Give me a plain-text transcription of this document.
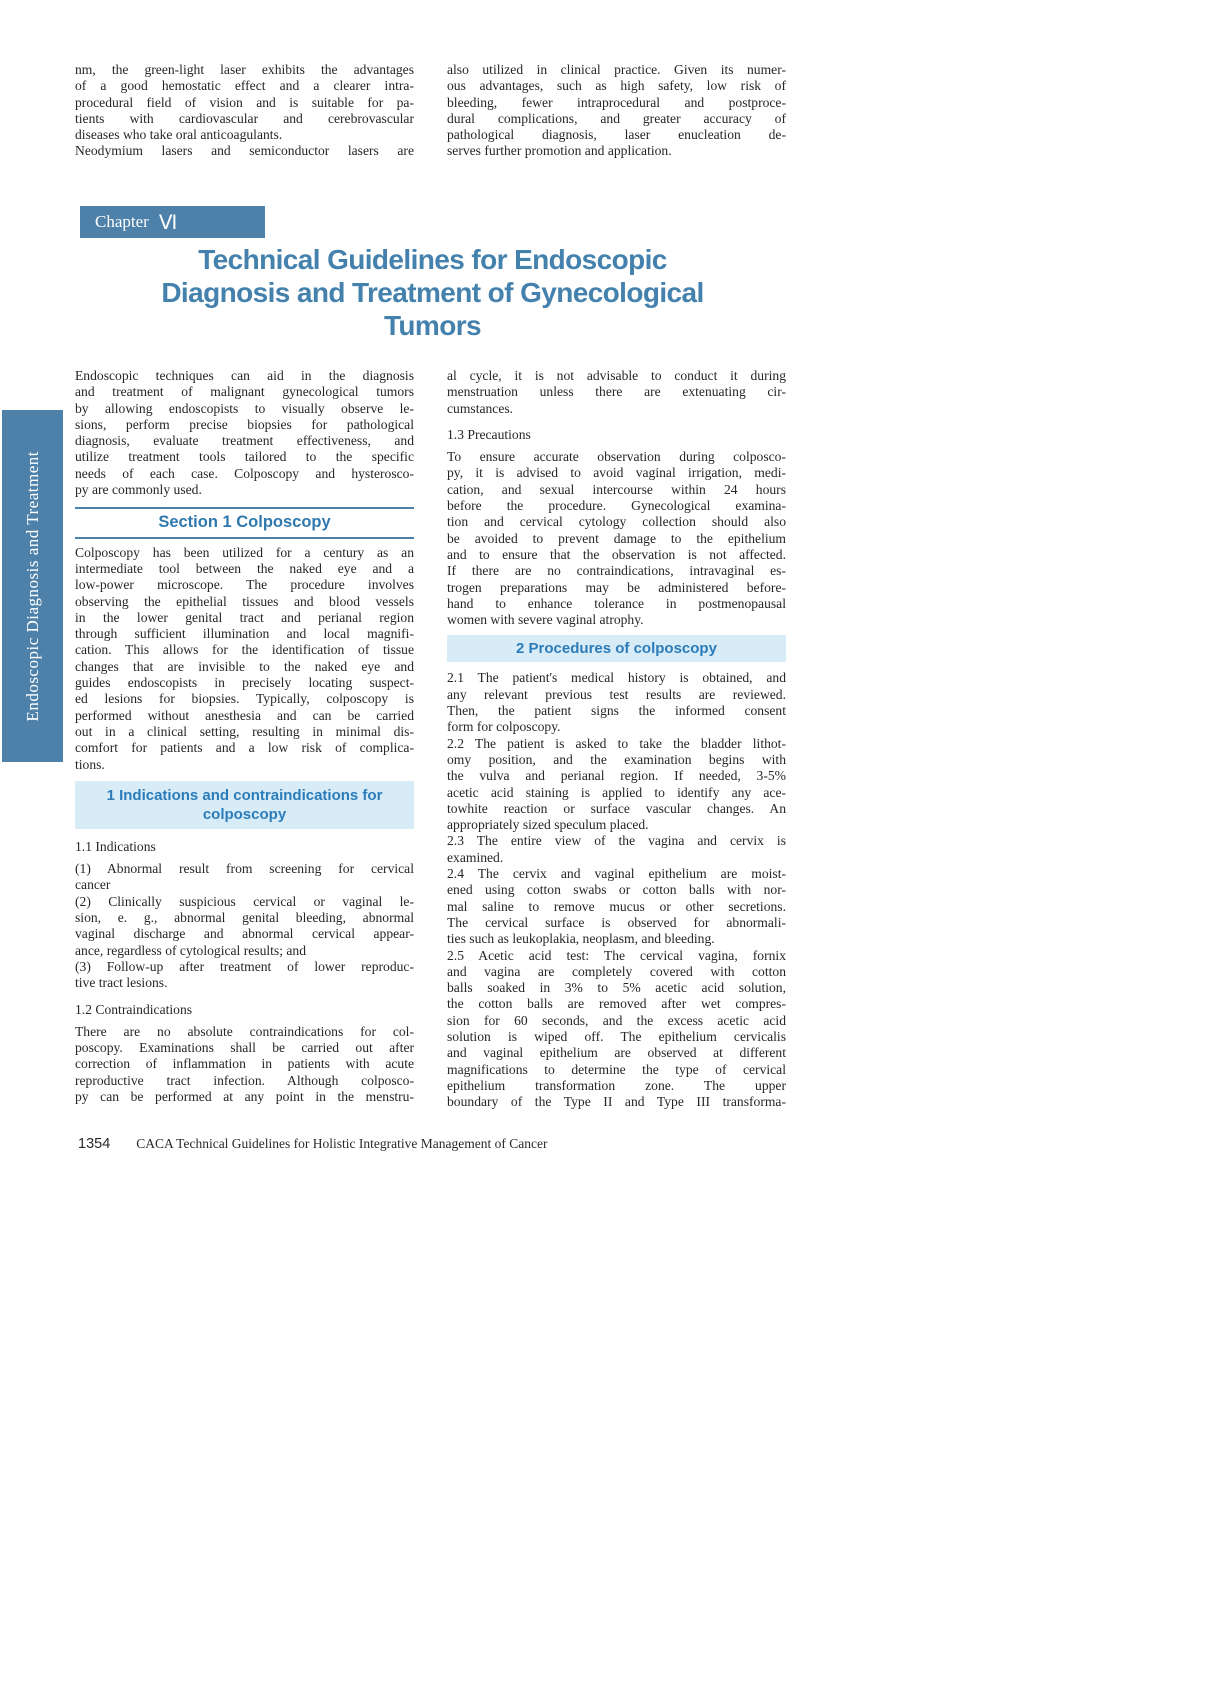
Endoscopic Diagnosis and Treatment
nm, the green-light laser exhibits the advantages
of a good hemostatic effect and a clearer intra-
procedural field of vision and is suitable for pa-
tients with cardiovascular and cerebrovascular
diseases who take oral anticoagulants.
Neodymium lasers and semiconductor lasers are
also utilized in clinical practice. Given its numer-
ous advantages, such as high safety, low risk of
bleeding, fewer intraprocedural and postproce-
dural complications, and greater accuracy of
pathological diagnosis, laser enucleation de-
serves further promotion and application.
Chapter Ⅵ
Technical Guidelines for Endoscopic
Diagnosis and Treatment of Gynecological
Tumors
Endoscopic techniques can aid in the diagnosis
and treatment of malignant gynecological tumors
by allowing endoscopists to visually observe le-
sions, perform precise biopsies for pathological
diagnosis, evaluate treatment effectiveness, and
utilize treatment tools tailored to the specific
needs of each case. Colposcopy and hysterosco-
py are commonly used.
Section 1 Colposcopy
Colposcopy has been utilized for a century as an
intermediate tool between the naked eye and a
low-power microscope. The procedure involves
observing the epithelial tissues and blood vessels
in the lower genital tract and perianal region
through sufficient illumination and local magnifi-
cation. This allows for the identification of tissue
changes that are invisible to the naked eye and
guides endoscopists in precisely locating suspect-
ed lesions for biopsies. Typically, colposcopy is
performed without anesthesia and can be carried
out in a clinical setting, resulting in minimal dis-
comfort for patients and a low risk of complica-
tions.
1 Indications and contraindications for
colposcopy
1.1 Indications
(1) Abnormal result from screening for cervical
cancer
(2) Clinically suspicious cervical or vaginal le-
sion, e. g., abnormal genital bleeding, abnormal
vaginal discharge and abnormal cervical appear-
ance, regardless of cytological results; and
(3) Follow-up after treatment of lower reproduc-
tive tract lesions.
1.2 Contraindications
There are no absolute contraindications for col-
poscopy. Examinations shall be carried out after
correction of inflammation in patients with acute
reproductive tract infection. Although colposco-
py can be performed at any point in the menstru-
al cycle, it is not advisable to conduct it during
menstruation unless there are extenuating cir-
cumstances.
1.3 Precautions
To ensure accurate observation during colposco-
py, it is advised to avoid vaginal irrigation, medi-
cation, and sexual intercourse within 24 hours
before the procedure. Gynecological examina-
tion and cervical cytology collection should also
be avoided to prevent damage to the epithelium
and to ensure that the observation is not affected.
If there are no contraindications, intravaginal es-
trogen preparations may be administered before-
hand to enhance tolerance in postmenopausal
women with severe vaginal atrophy.
2 Procedures of colposcopy
2.1 The patient's medical history is obtained, and
any relevant previous test results are reviewed.
Then, the patient signs the informed consent
form for colposcopy.
2.2 The patient is asked to take the bladder lithot-
omy position, and the examination begins with
the vulva and perianal region. If needed, 3-5%
acetic acid staining is applied to identify any ace-
towhite reaction or surface vascular changes. An
appropriately sized speculum placed.
2.3 The entire view of the vagina and cervix is
examined.
2.4 The cervix and vaginal epithelium are moist-
ened using cotton swabs or cotton balls with nor-
mal saline to remove mucus or other secretions.
The cervical surface is observed for abnormali-
ties such as leukoplakia, neoplasm, and bleeding.
2.5 Acetic acid test: The cervical vagina, fornix
and vagina are completely covered with cotton
balls soaked in 3% to 5% acetic acid solution,
the cotton balls are removed after wet compres-
sion for 60 seconds, and the excess acetic acid
solution is wiped off. The epithelium cervicalis
and vaginal epithelium are observed at different
magnifications to determine the type of cervical
epithelium transformation zone. The upper
boundary of the Type II and Type III transforma-
1354 CACA Technical Guidelines for Holistic Integrative Management of Cancer
